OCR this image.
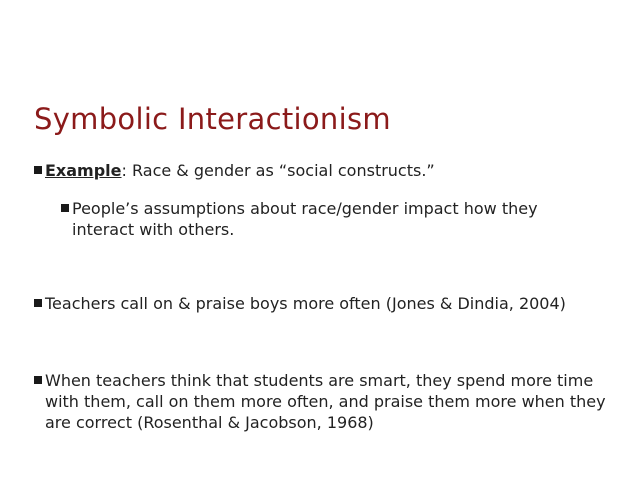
Symbolic Interactionism
Example: Race & gender as “social constructs.”
People’s assumptions about race/gender impact how they interact with others.
Teachers call on & praise boys more often (Jones & Dindia, 2004)
When teachers think that students are smart, they spend more time with them, call on them more often, and praise them more when they are correct (Rosenthal & Jacobson, 1968)
